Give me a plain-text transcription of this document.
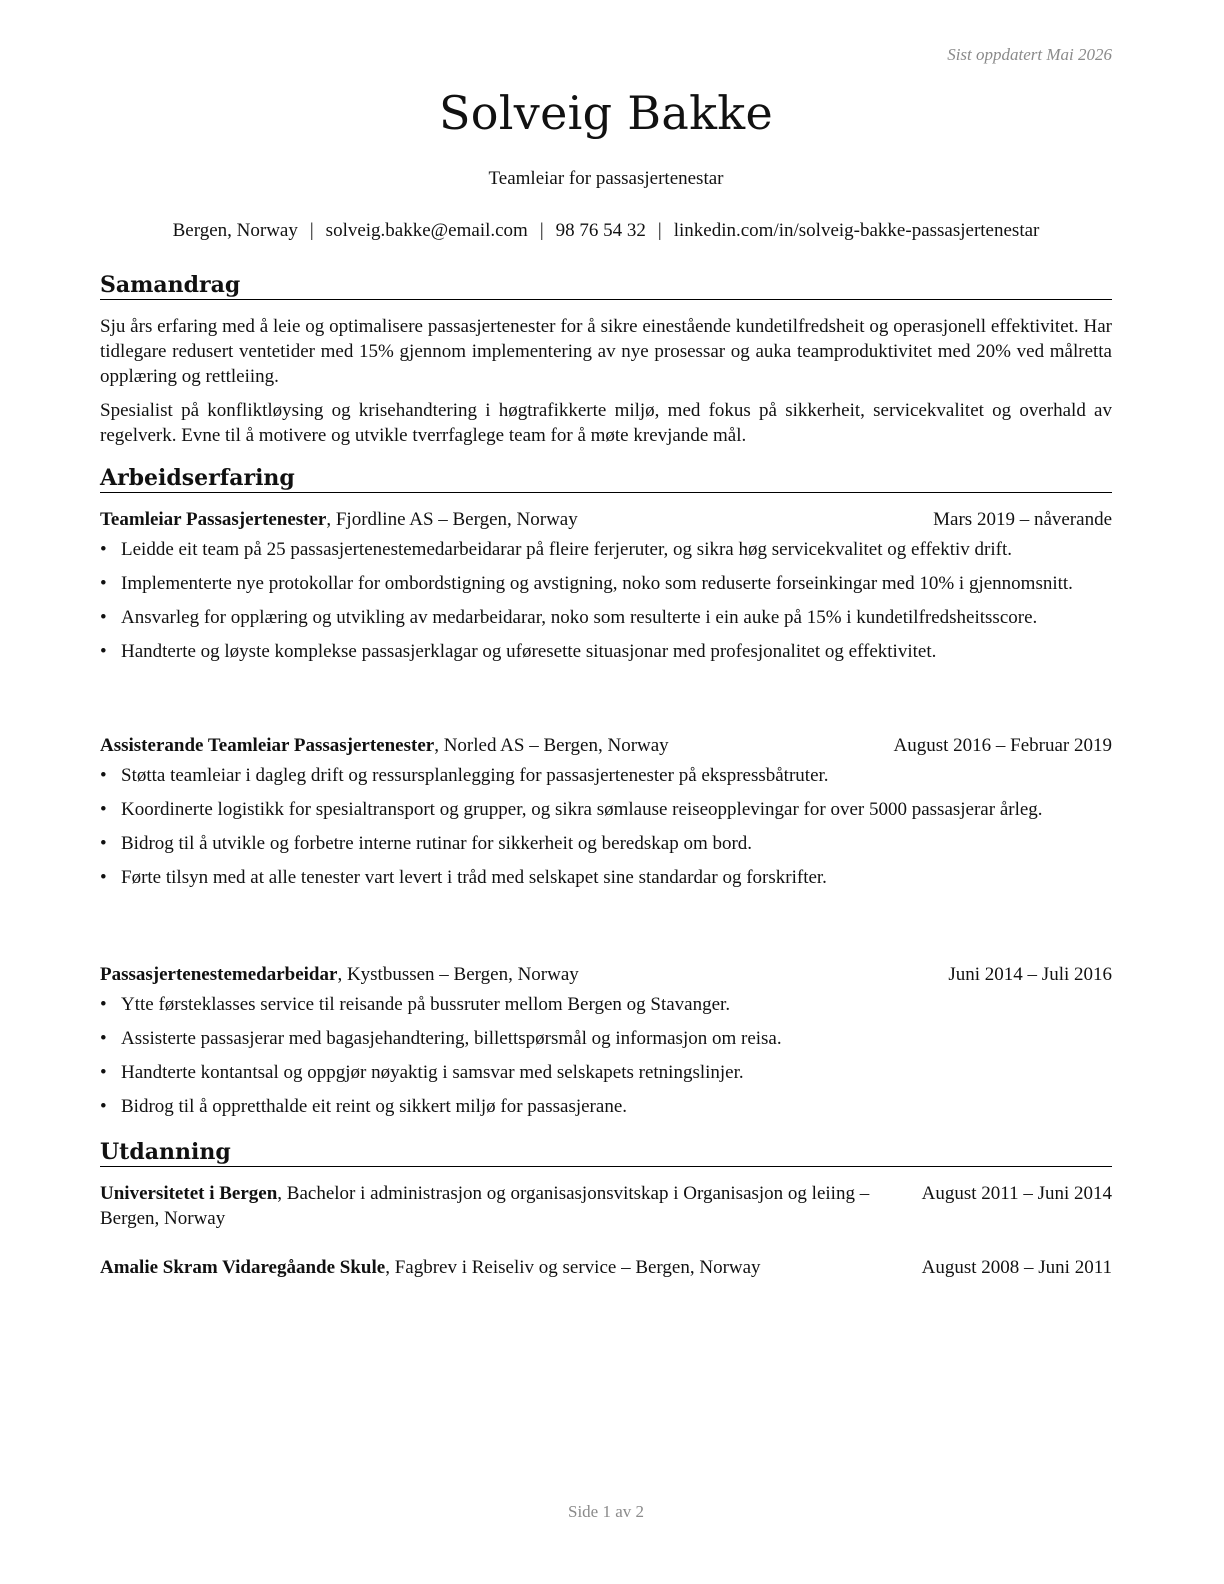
Sist oppdatert Mai 2026
Solveig Bakke
Teamleiar for passasjertenestar
Bergen, Norway | solveig.bakke@email.com | 98 76 54 32 | linkedin.com/in/solveig-bakke-passasjertenestar
Samandrag

Sju års erfaring med å leie og optimalisere passasjertenester for å sikre einestående kundetilfredsheit og operasjonell effektivitet. Har tidlegare redusert ventetider med 15% gjennom implementering av nye prosessar og auka teamproduktivitet med 20% ved målretta opplæring og rettleiing.

Spesialist på konfliktløysing og krisehandtering i høgtrafikkerte miljø, med fokus på sikkerheit, servicekvalitet og overhald av regelverk. Evne til å motivere og utvikle tverrfaglege team for å møte krevjande mål.

Arbeidserfaring
Teamleiar Passasjertenester, Fjordline AS – Bergen, Norway	Mars 2019 – nåverande
• Leidde eit team på 25 passasjertenestemedarbeidarar på fleire ferjeruter, og sikra høg servicekvalitet og effektiv drift.
• Implementerte nye protokollar for ombordstigning og avstigning, noko som reduserte forseinkingar med 10% i gjennomsnitt.
• Ansvarleg for opplæring og utvikling av medarbeidarar, noko som resulterte i ein auke på 15% i kundetilfredsheitsscore.
• Handterte og løyste komplekse passasjerklagar og uføresette situasjonar med profesjonalitet og effektivitet.
Assisterande Teamleiar Passasjertenester, Norled AS – Bergen, Norway	August 2016 – Februar 2019
• Støtta teamleiar i dagleg drift og ressursplanlegging for passasjertenester på ekspressbåtruter.
• Koordinerte logistikk for spesialtransport og grupper, og sikra sømlause reiseopplevingar for over 5000 passasjerar årleg.
• Bidrog til å utvikle og forbetre interne rutinar for sikkerheit og beredskap om bord.
• Førte tilsyn med at alle tenester vart levert i tråd med selskapet sine standardar og forskrifter.
Passasjertenestemedarbeidar, Kystbussen – Bergen, Norway	Juni 2014 – Juli 2016
• Ytte førsteklasses service til reisande på bussruter mellom Bergen og Stavanger.
• Assisterte passasjerar med bagasjehandtering, billettspørsmål og informasjon om reisa.
• Handterte kontantsal og oppgjør nøyaktig i samsvar med selskapets retningslinjer.
• Bidrog til å oppretthalde eit reint og sikkert miljø for passasjerane.
Utdanning
Universitetet i Bergen, Bachelor i administrasjon og organisasjonsvitskap i Organisasjon og leiing – Bergen, Norway
August 2011 – Juni 2014
Amalie Skram Vidaregåande Skule, Fagbrev i Reiseliv og service – Bergen, Norway	August 2008 – Juni 2011
Side 1 av 2
